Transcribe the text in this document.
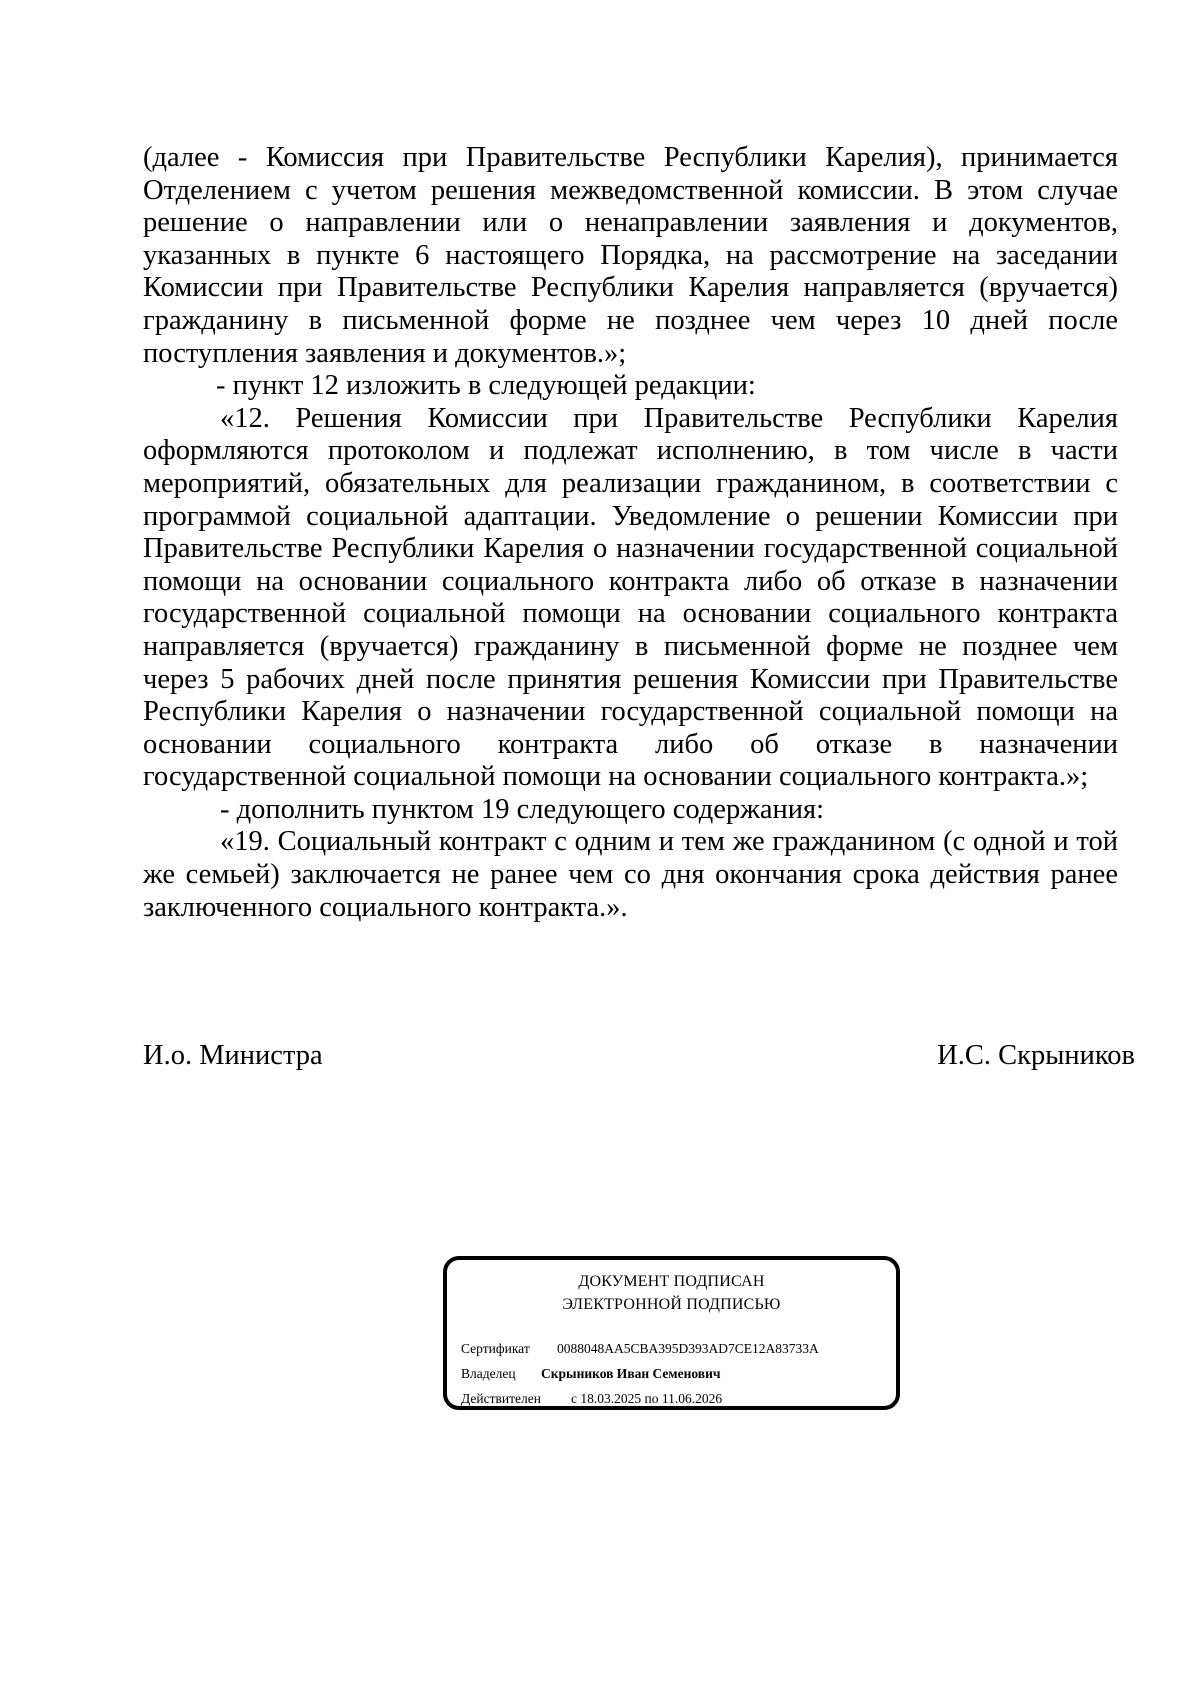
(далее - Комиссия при Правительстве Республики Карелия), принимается Отделением с учетом решения межведомственной комиссии. В этом случае решение о направлении или о ненаправлении заявления и документов, указанных в пункте 6 настоящего Порядка, на рассмотрение на заседании Комиссии при Правительстве Республики Карелия направляется (вручается) гражданину в письменной форме не позднее чем через 10 дней после поступления заявления и документов.»;

- пункт 12 изложить в следующей редакции:

«12. Решения Комиссии при Правительстве Республики Карелия оформляются протоколом и подлежат исполнению, в том числе в части мероприятий, обязательных для реализации гражданином, в соответствии с программой социальной адаптации. Уведомление о решении Комиссии при Правительстве Республики Карелия о назначении государственной социальной помощи на основании социального контракта либо об отказе в назначении государственной социальной помощи на основании социального контракта направляется (вручается) гражданину в письменной форме не позднее чем через 5 рабочих дней после принятия решения Комиссии при Правительстве Республики Карелия о назначении государственной социальной помощи на основании социального контракта либо об отказе в назначении государственной социальной помощи на основании социального контракта.»;

- дополнить пунктом 19 следующего содержания:

«19. Социальный контракт с одним и тем же гражданином (с одной и той же семьей) заключается не ранее чем со дня окончания срока действия ранее заключенного социального контракта.».

И.о. Министра	И.С. Скрыников
ДОКУМЕНТ ПОДПИСАН
ЭЛЕКТРОННОЙ ПОДПИСЬЮ
Сертификат 0088048AA5CBA395D393AD7CE12A83733A
Владелец Скрыников Иван Семенович
Действителен с 18.03.2025 по 11.06.2026
